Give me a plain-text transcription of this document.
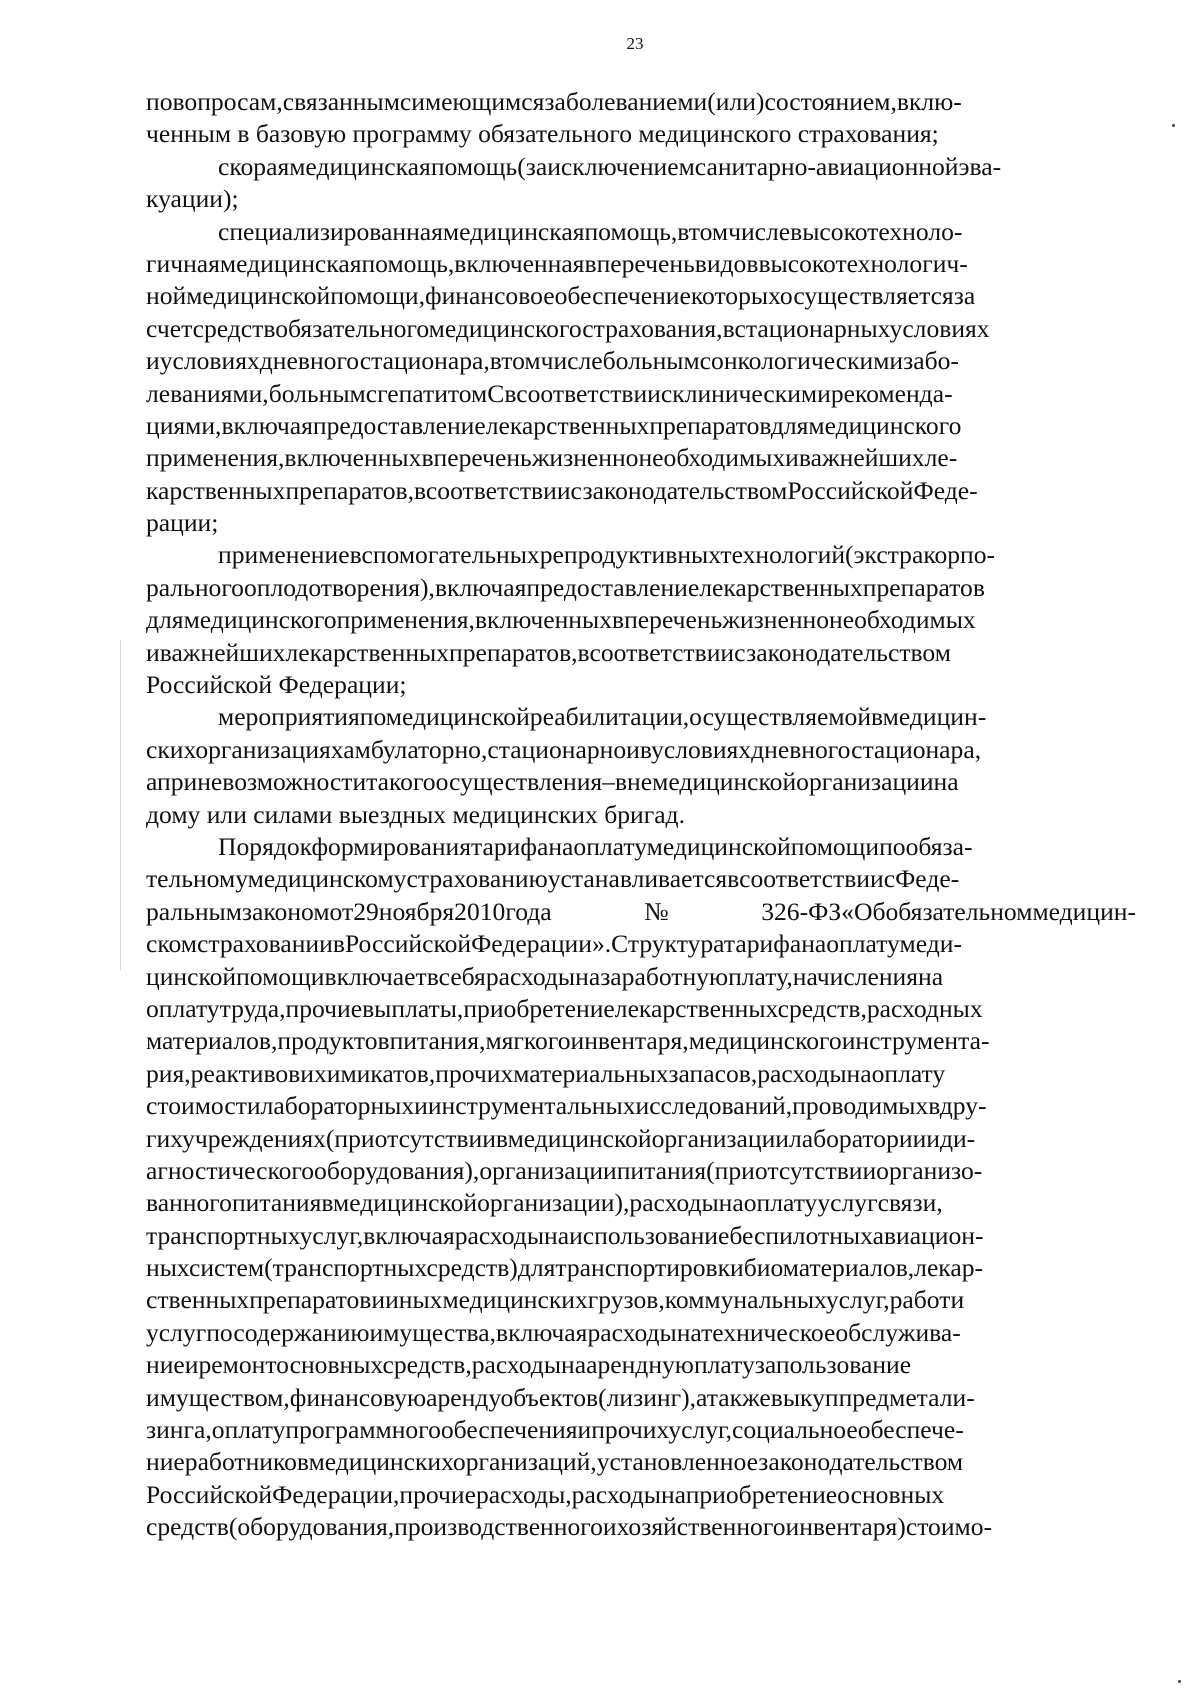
23
повопросам,связаннымсимеющимсязаболеваниеми(или)состоянием,вклю-
ченным в базовую программу обязательного медицинского страхования;
скораямедицинскаяпомощь(заисключениемсанитарно-авиационнойэва-
куации);
специализированнаямедицинскаяпомощь,втомчислевысокотехноло-
гичнаямедицинскаяпомощь,включеннаявпереченьвидоввысокотехнологич-
ноймедицинскойпомощи,финансовоеобеспечениекоторыхосуществляетсяза
счетсредствобязательногомедицинскогострахования,встационарныхусловиях
иусловияхдневногостационара,втомчислебольнымсонкологическимизабо-
леваниями,больнымсгепатитомСвсоответствиисклиническимирекоменда-
циями,включаяпредоставлениелекарственныхпрепаратовдлямедицинского
применения,включенныхвпереченьжизненнонеобходимыхиважнейшихле-
карственныхпрепаратов,всоответствиисзаконодательствомРоссийскойФеде-
рации;
применениевспомогательныхрепродуктивныхтехнологий(экстракорпо-
ральногооплодотворения),включаяпредоставлениелекарственныхпрепаратов
длямедицинскогоприменения,включенныхвпереченьжизненнонеобходимых
иважнейшихлекарственныхпрепаратов,всоответствиисзаконодательством
Российской Федерации;
мероприятияпомедицинскойреабилитации,осуществляемойвмедицин-
скихорганизацияхамбулаторно,стационарноивусловияхдневногостационара,
априневозможноститакогоосуществления–внемедицинскойорганизациина
дому или силами выездных медицинских бригад.
Порядокформированиятарифанаоплатумедицинскойпомощипообяза-
тельномумедицинскомустрахованиюустанавливаетсявсоответствиисФеде-
ральнымзакономот29ноября2010года№326-ФЗ«Обобязательноммедицин-
скомстрахованиивРоссийскойФедерации».Структуратарифанаоплатумеди-
цинскойпомощивключаетвсебярасходыназаработнуюплату,начисленияна
оплатутруда,прочиевыплаты,приобретениелекарственныхсредств,расходных
материалов,продуктовпитания,мягкогоинвентаря,медицинскогоинструмента-
рия,реактивовихимикатов,прочихматериальныхзапасов,расходынаоплату
стоимостилабораторныхиинструментальныхисследований,проводимыхвдру-
гихучреждениях(приотсутствиивмедицинскойорганизациилабораториииди-
агностическогооборудования),организациипитания(приотсутствииорганизо-
ванногопитаниявмедицинскойорганизации),расходынаоплатууслугсвязи,
транспортныхуслуг,включаярасходынаиспользованиебеспилотныхавиацион-
ныхсистем(транспортныхсредств)длятранспортировкибиоматериалов,лекар-
ственныхпрепаратовииныхмедицинскихгрузов,коммунальныхуслуг,работи
услугпосодержаниюимущества,включаярасходынатехническоеобслужива-
ниеиремонтосновныхсредств,расходынааренднуюплатузапользование
имуществом,финансовуюарендуобъектов(лизинг),атакжевыкуппредметали-
зинга,оплатупрограммногообеспеченияипрочихуслуг,социальноеобеспече-
ниеработниковмедицинскихорганизаций,установленноезаконодательством
РоссийскойФедерации,прочиерасходы,расходынаприобретениеосновных
средств(оборудования,производственногоихозяйственногоинвентаря)стоимо-
